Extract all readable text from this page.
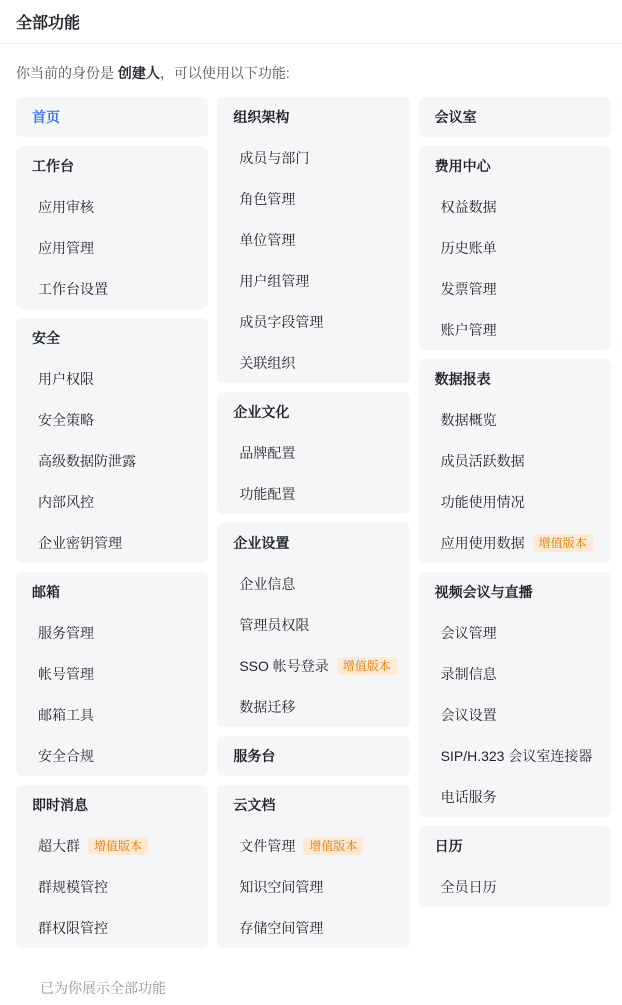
全部功能
你当前的身份是 创建人，可以使用以下功能:
首页
工作台
应用审核
应用管理
工作台设置
安全
用户权限
安全策略
高级数据防泄露
内部风控
企业密钥管理
邮箱
服务管理
帐号管理
邮箱工具
安全合规
即时消息
超大群 增值版本
群规模管控
群权限管控
组织架构
成员与部门
角色管理
单位管理
用户组管理
成员字段管理
关联组织
企业文化
品牌配置
功能配置
企业设置
企业信息
管理员权限
SSO 帐号登录 增值版本
数据迁移
服务台
云文档
文件管理 增值版本
知识空间管理
存储空间管理
会议室
费用中心
权益数据
历史账单
发票管理
账户管理
数据报表
数据概览
成员活跃数据
功能使用情况
应用使用数据 增值版本
视频会议与直播
会议管理
录制信息
会议设置
SIP/H.323 会议室连接器
电话服务
日历
全员日历
已为你展示全部功能
